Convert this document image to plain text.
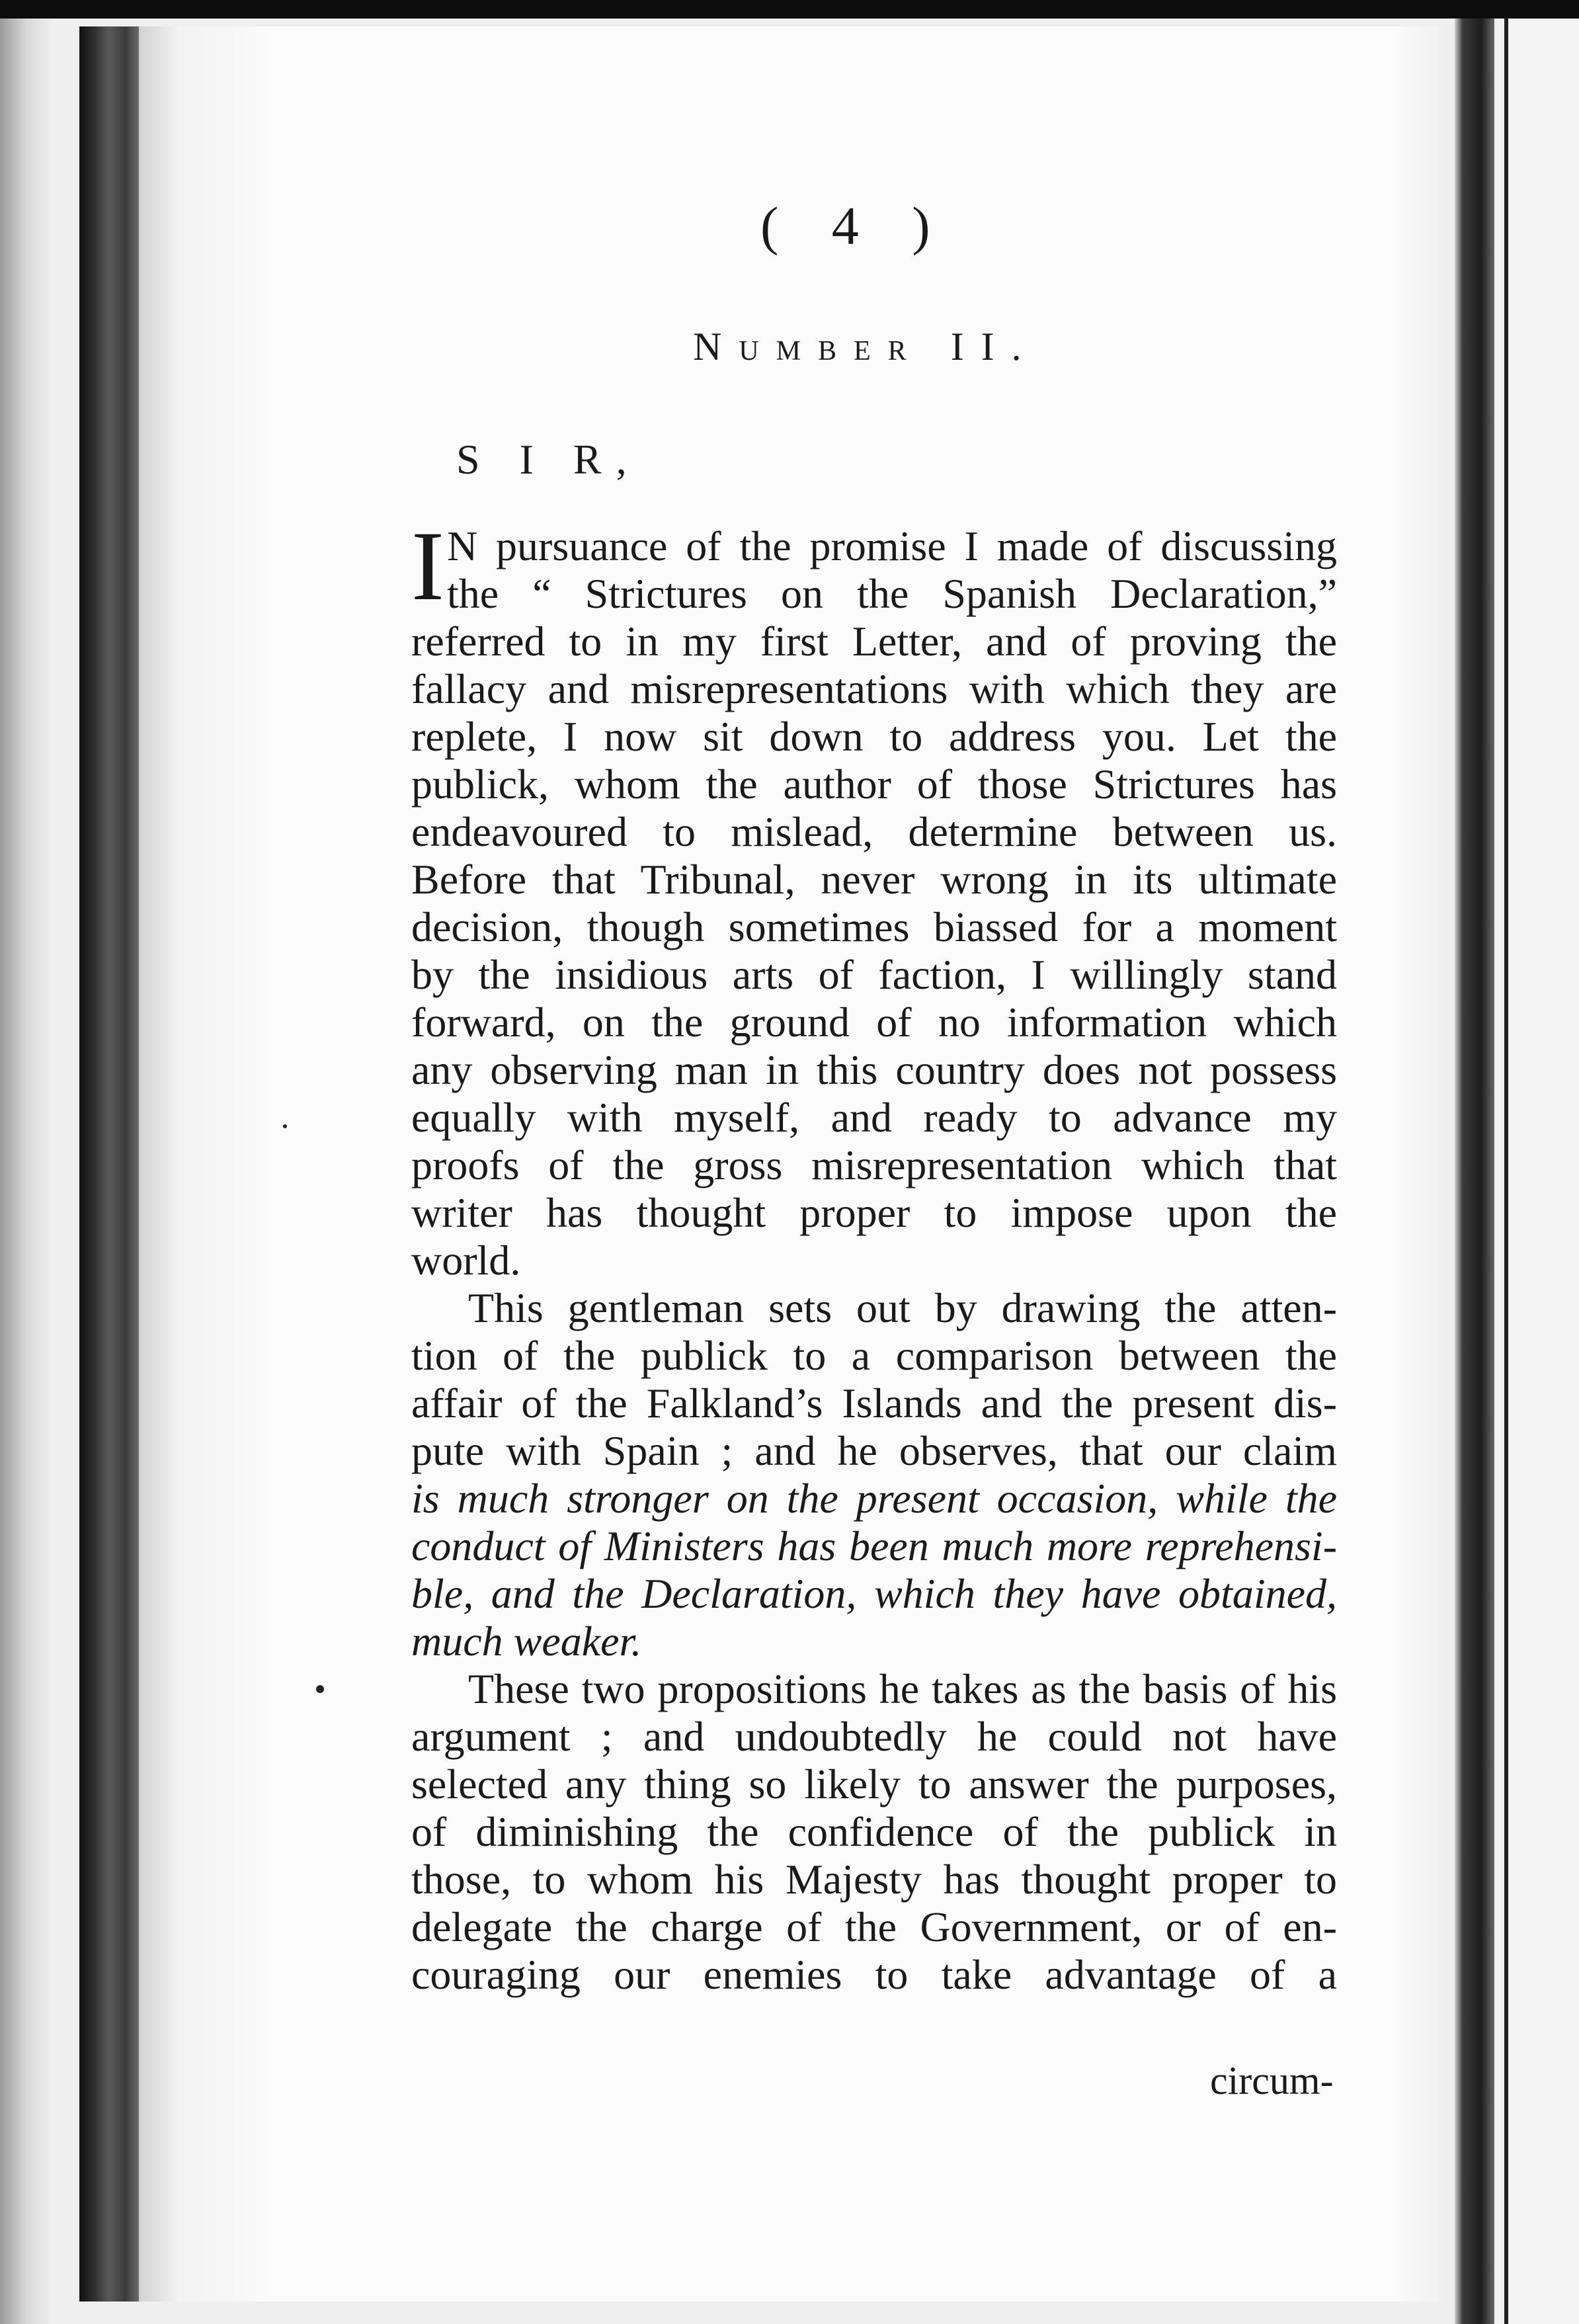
( 4 )
Number II.
S I R,
I N pursuance of the promise I made of discussing
the “ Strictures on the Spanish Declaration,”
referred to in my first Letter, and of proving the
fallacy and misrepresentations with which they are
replete, I now sit down to address you. Let the
publick, whom the author of those Strictures has
endeavoured to mislead, determine between us.
Before that Tribunal, never wrong in its ultimate
decision, though sometimes biassed for a moment
by the insidious arts of faction, I willingly stand
forward, on the ground of no information which
any observing man in this country does not possess
equally with myself, and ready to advance my
proofs of the gross misrepresentation which that
writer has thought proper to impose upon the
world.
This gentleman sets out by drawing the atten-
tion of the publick to a comparison between the
affair of the Falkland’s Islands and the present dis-
pute with Spain ; and he observes, that our claim
is much stronger on the present occasion, while the
conduct of Ministers has been much more reprehensi-
ble, and the Declaration, which they have obtained,
much weaker.
These two propositions he takes as the basis of his
argument ; and undoubtedly he could not have
selected any thing so likely to answer the purposes,
of diminishing the confidence of the publick in
those, to whom his Majesty has thought proper to
delegate the charge of the Government, or of en-
couraging our enemies to take advantage of a
circum-
